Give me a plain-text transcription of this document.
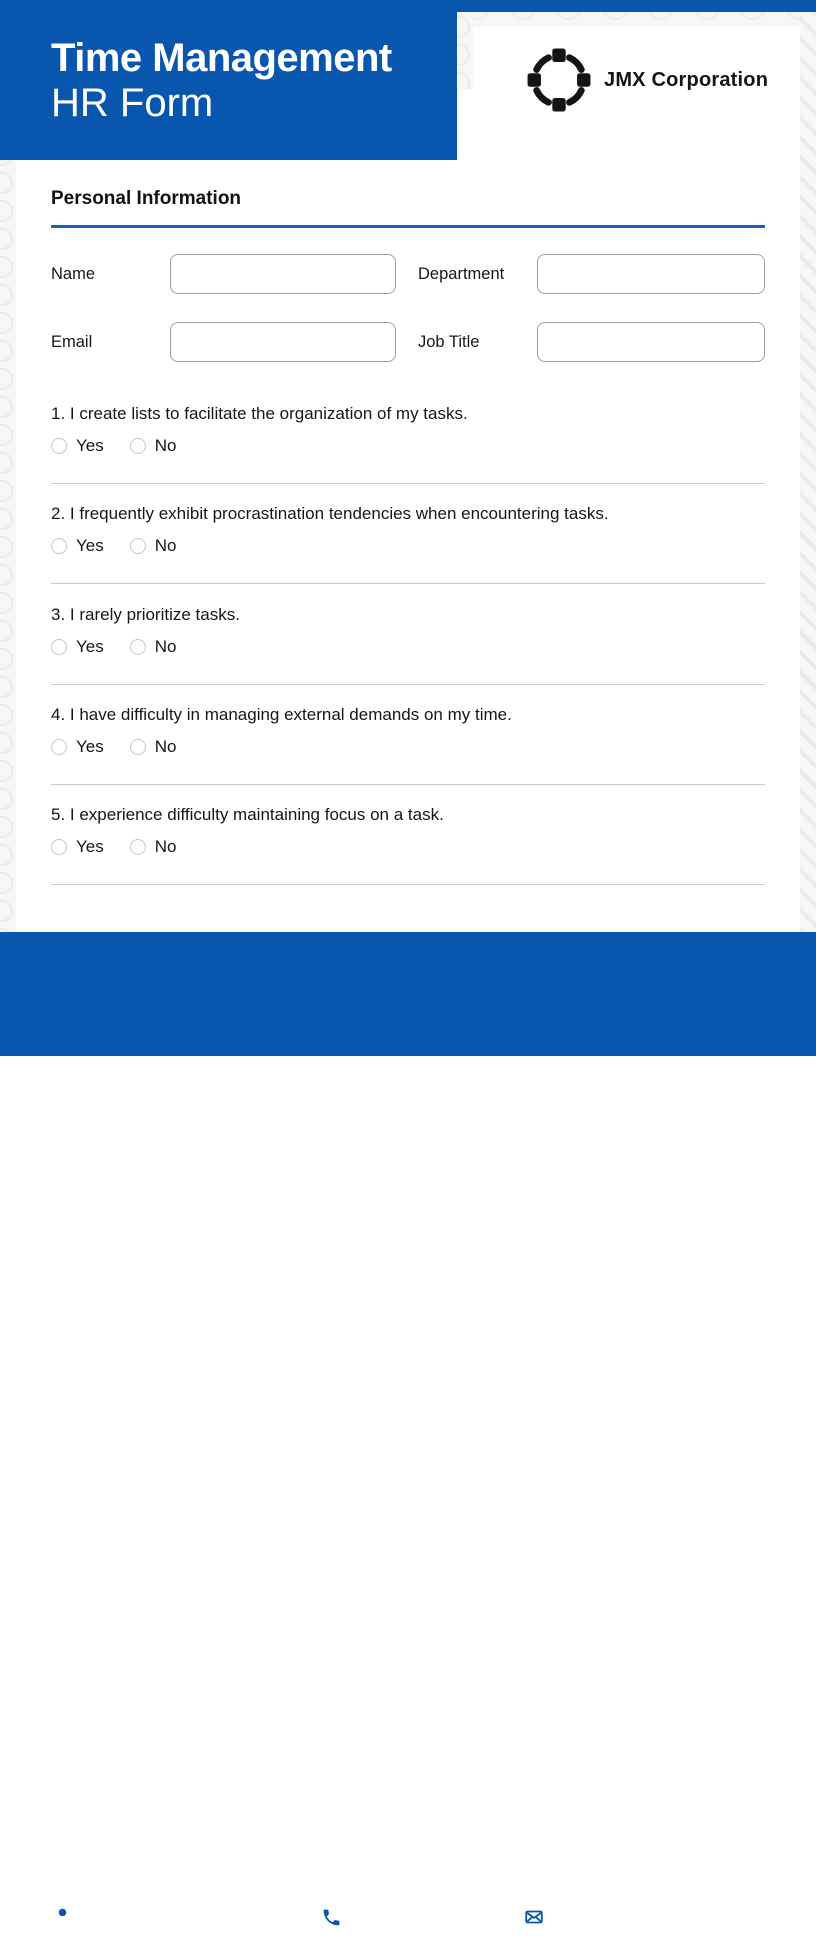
Time Management
HR Form
JMX Corporation
Personal Information
Name	Department
Email	Job Title
1. I create lists to facilitate the organization of my tasks.
Yes	No
2. I frequently exhibit procrastination tendencies when encountering tasks.
Yes	No
3. I rarely prioritize tasks.
Yes	No
4. I have difficulty in managing external demands on my time.
Yes	No
5. I experience difficulty maintaining focus on a task.
Yes	No
123 Main Street, Townsville
CA, 55555
(123) 123-4567	info@jmxcorporation.com
